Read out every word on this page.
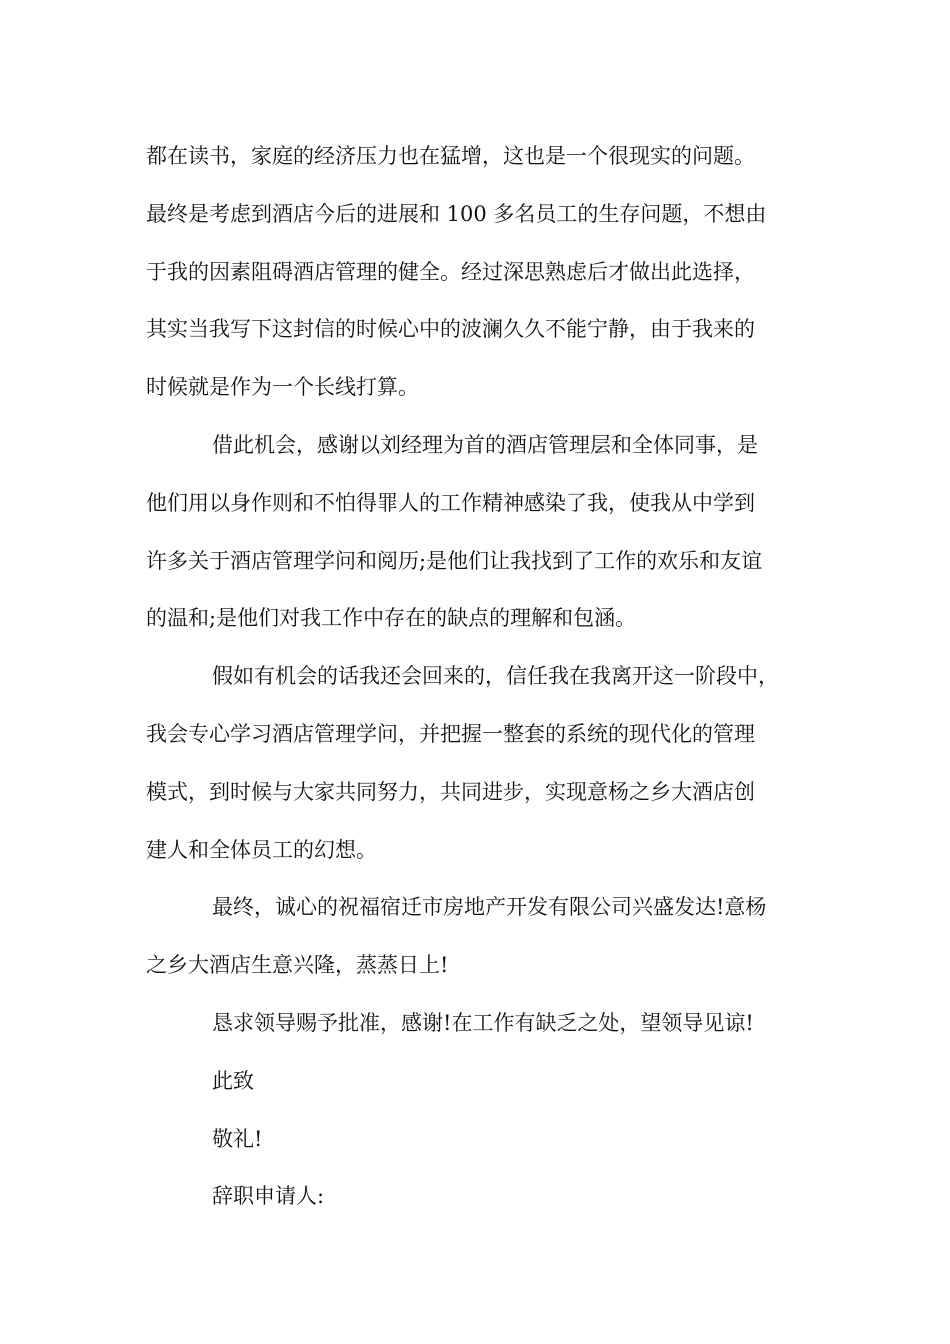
都在读书，家庭的经济压力也在猛增，这也是一个很现实的问题。
最终是考虑到酒店今后的进展和 100 多名员工的生存问题，不想由
于我的因素阻碍酒店管理的健全。经过深思熟虑后才做出此选择，
其实当我写下这封信的时候心中的波澜久久不能宁静，由于我来的
时候就是作为一个长线打算。
借此机会，感谢以刘经理为首的酒店管理层和全体同事，是
他们用以身作则和不怕得罪人的工作精神感染了我，使我从中学到
许多关于酒店管理学问和阅历;是他们让我找到了工作的欢乐和友谊
的温和;是他们对我工作中存在的缺点的理解和包涵。
假如有机会的话我还会回来的，信任我在我离开这一阶段中，
我会专心学习酒店管理学问，并把握一整套的系统的现代化的管理
模式，到时候与大家共同努力，共同进步，实现意杨之乡大酒店创
建人和全体员工的幻想。
最终，诚心的祝福宿迁市房地产开发有限公司兴盛发达!意杨
之乡大酒店生意兴隆，蒸蒸日上!
恳求领导赐予批准，感谢!在工作有缺乏之处，望领导见谅!
此致
敬礼!
辞职申请人:
